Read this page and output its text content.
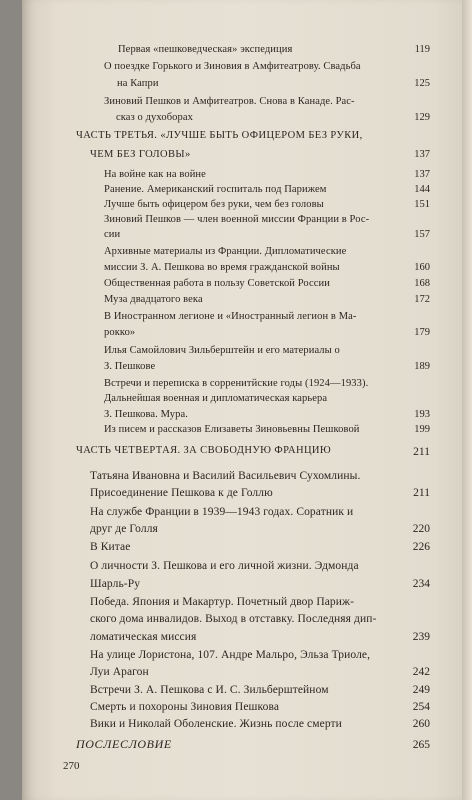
Первая «пешковедческая» экспедиция	119
О поездке Горького и Зиновия в Амфитеатрову. Свадьба
на Капри	125
Зиновий Пешков и Амфитеатров. Снова в Канаде. Рас-
сказ о духоборах	129
ЧАСТЬ ТРЕТЬЯ. «ЛУЧШЕ БЫТЬ ОФИЦЕРОМ БЕЗ РУКИ,
ЧЕМ БЕЗ ГОЛОВЫ»	137
На войне как на войне	137
Ранение. Американский госпиталь под Парижем	144
Лучше быть офицером без руки, чем без головы	151
Зиновий Пешков — член военной миссии Франции в Рос-
сии	157
Архивные материалы из Франции. Дипломатические
миссии З. А. Пешкова во время гражданской войны	160
Общественная работа в пользу Советской России	168
Муза двадцатого века	172
В Иностранном легионе и «Иностранный легион в Ма-
рокко»	179
Илья Самойлович Зильберштейн и его материалы о
З. Пешкове	189
Встречи и переписка в сорренитйские годы (1924—1933).
Дальнейшая военная и дипломатическая карьера
З. Пешкова. Мура.	193
Из писем и рассказов Елизаветы Зиновьевны Пешковой	199
ЧАСТЬ ЧЕТВЕРТАЯ. ЗА СВОБОДНУЮ ФРАНЦИЮ	211
Татьяна Ивановна и Василий Васильевич Сухомлины.
Присоединение Пешкова к де Голлю	211
На службе Франции в 1939—1943 годах. Соратник и
друг де Голля	220
В Китае	226
О личности З. Пешкова и его личной жизни. Эдмонда
Шарль-Ру	234
Победа. Япония и Макартур. Почетный двор Париж-
ского дома инвалидов. Выход в отставку. Последняя дип-
ломатическая миссия	239
На улице Лористона, 107. Андре Мальро, Эльза Триоле,
Луи Арагон	242
Встречи З. А. Пешкова с И. С. Зильберштейном	249
Смерть и похороны Зиновия Пешкова	254
Вики и Николай Оболенские. Жизнь после смерти	260
ПОСЛЕСЛОВИЕ	265
270
